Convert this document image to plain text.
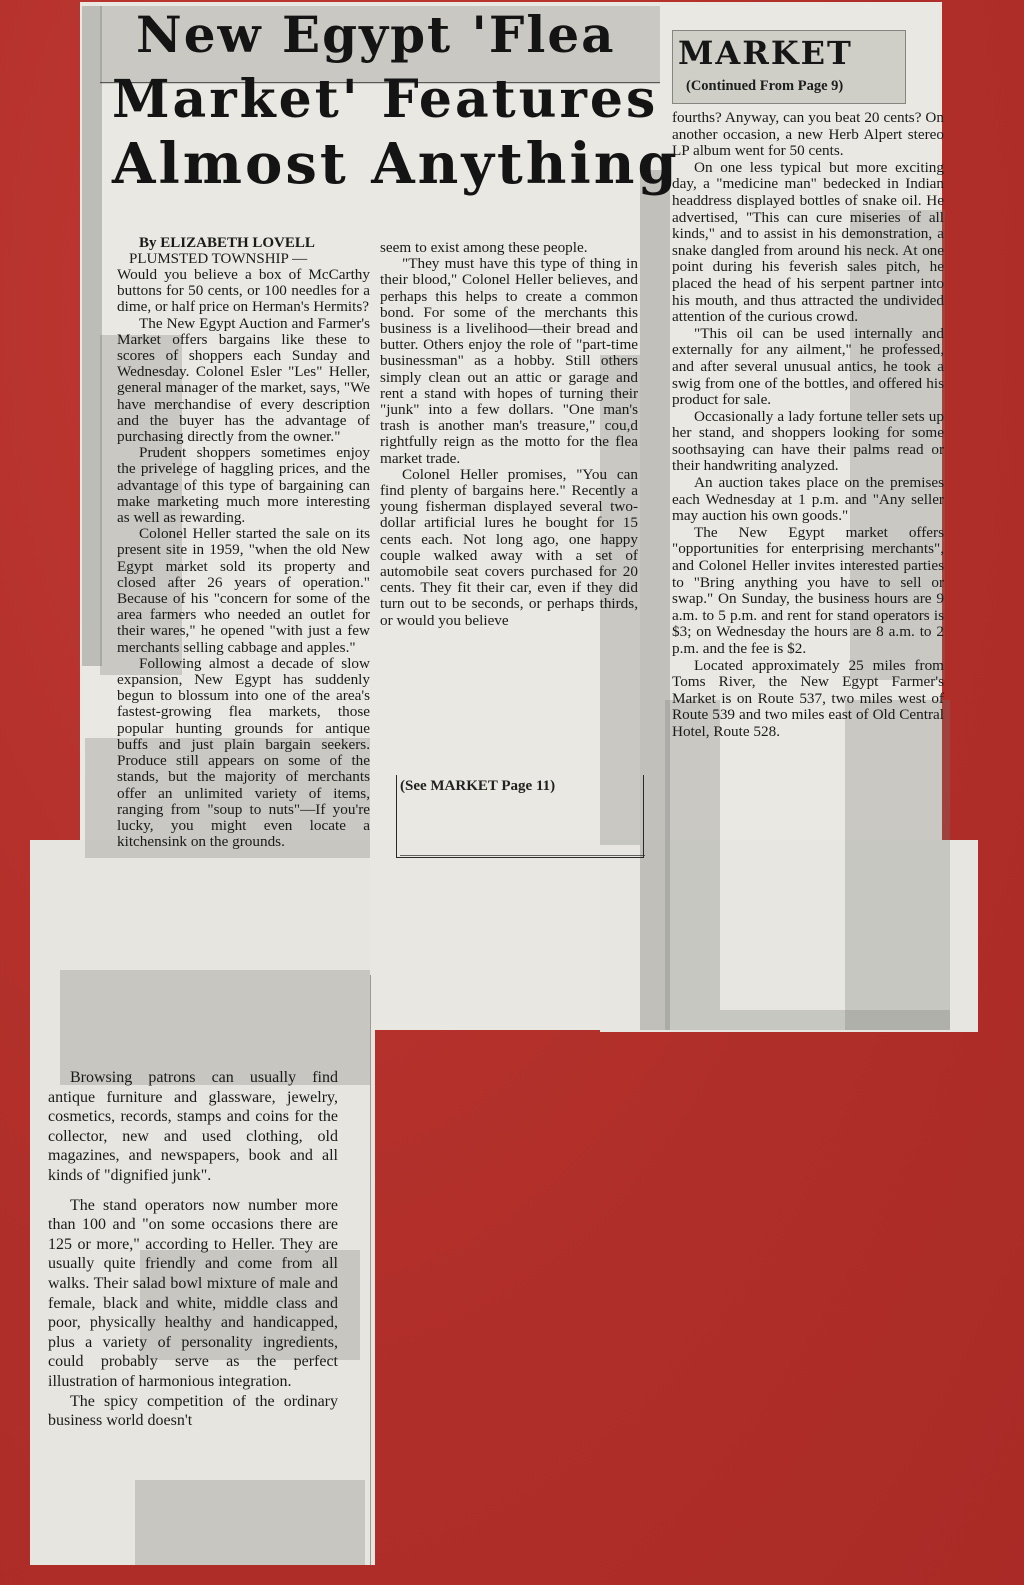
New Egypt 'Flea
Market' Features
Almost Anything
By ELIZABETH LOVELL
PLUMSTED TOWNSHIP —

Would you believe a box of McCarthy buttons for 50 cents, or 100 needles for a dime, or half price on Herman's Hermits?

The New Egypt Auction and Farmer's Market offers bargains like these to scores of shoppers each Sunday and Wednesday. Colonel Esler "Les" Heller, general manager of the market, says, "We have merchandise of every description and the buyer has the advantage of purchasing directly from the owner."

Prudent shoppers sometimes enjoy the privelege of haggling prices, and the advantage of this type of bargaining can make marketing much more interesting as well as rewarding.

Colonel Heller started the sale on its present site in 1959, "when the old New Egypt market sold its property and closed after 26 years of operation." Because of his "concern for some of the area farmers who needed an outlet for their wares," he opened "with just a few merchants selling cabbage and apples."

Following almost a decade of slow expansion, New Egypt has suddenly begun to blossum into one of the area's fastest-growing flea markets, those popular hunting grounds for antique buffs and just plain bargain seekers. Produce still appears on some of the stands, but the majority of merchants offer an unlimited variety of items, ranging from "soup to nuts"—If you're lucky, you might even locate a kitchensink on the grounds.

Browsing patrons can usually find antique furniture and glassware, jewelry, cosmetics, records, stamps and coins for the collector, new and used clothing, old magazines, and newspapers, book and all kinds of "dignified junk".

The stand operators now number more than 100 and "on some occasions there are 125 or more," according to Heller. They are usually quite friendly and come from all walks. Their salad bowl mixture of male and female, black and white, middle class and poor, physically healthy and handicapped, plus a variety of personality ingredients, could probably serve as the perfect illustration of harmonious integration.

The spicy competition of the ordinary business world doesn't

seem to exist among these people.

"They must have this type of thing in their blood," Colonel Heller believes, and perhaps this helps to create a common bond. For some of the merchants this business is a livelihood—their bread and butter. Others enjoy the role of "part-time businessman" as a hobby. Still others simply clean out an attic or garage and rent a stand with hopes of turning their "junk" into a few dollars. "One man's trash is another man's treasure," cou,d rightfully reign as the motto for the flea market trade.

Colonel Heller promises, "You can find plenty of bargains here." Recently a young fisherman displayed several two-dollar artificial lures he bought for 15 cents each. Not long ago, one happy couple walked away with a set of automobile seat covers purchased for 20 cents. They fit their car, even if they did turn out to be seconds, or perhaps thirds, or would you believe

(See MARKET Page 11)
MARKET
(Continued From Page 9)

fourths? Anyway, can you beat 20 cents? On another occasion, a new Herb Alpert stereo LP album went for 50 cents.

On one less typical but more exciting day, a "medicine man" bedecked in Indian headdress displayed bottles of snake oil. He advertised, "This can cure miseries of all kinds," and to assist in his demonstration, a snake dangled from around his neck. At one point during his feverish sales pitch, he placed the head of his serpent partner into his mouth, and thus attracted the undivided attention of the curious crowd.

"This oil can be used internally and externally for any ailment," he professed, and after several unusual antics, he took a swig from one of the bottles, and offered his product for sale.

Occasionally a lady fortune teller sets up her stand, and shoppers looking for some soothsaying can have their palms read or their handwriting analyzed.

An auction takes place on the premises each Wednesday at 1 p.m. and "Any seller may auction his own goods."

The New Egypt market offers "opportunities for enterprising merchants", and Colonel Heller invites interested parties to "Bring anything you have to sell or swap." On Sunday, the business hours are 9 a.m. to 5 p.m. and rent for stand operators is $3; on Wednesday the hours are 8 a.m. to 2 p.m. and the fee is $2.

Located approximately 25 miles from Toms River, the New Egypt Farmer's Market is on Route 537, two miles west of Route 539 and two miles east of Old Central Hotel, Route 528.
